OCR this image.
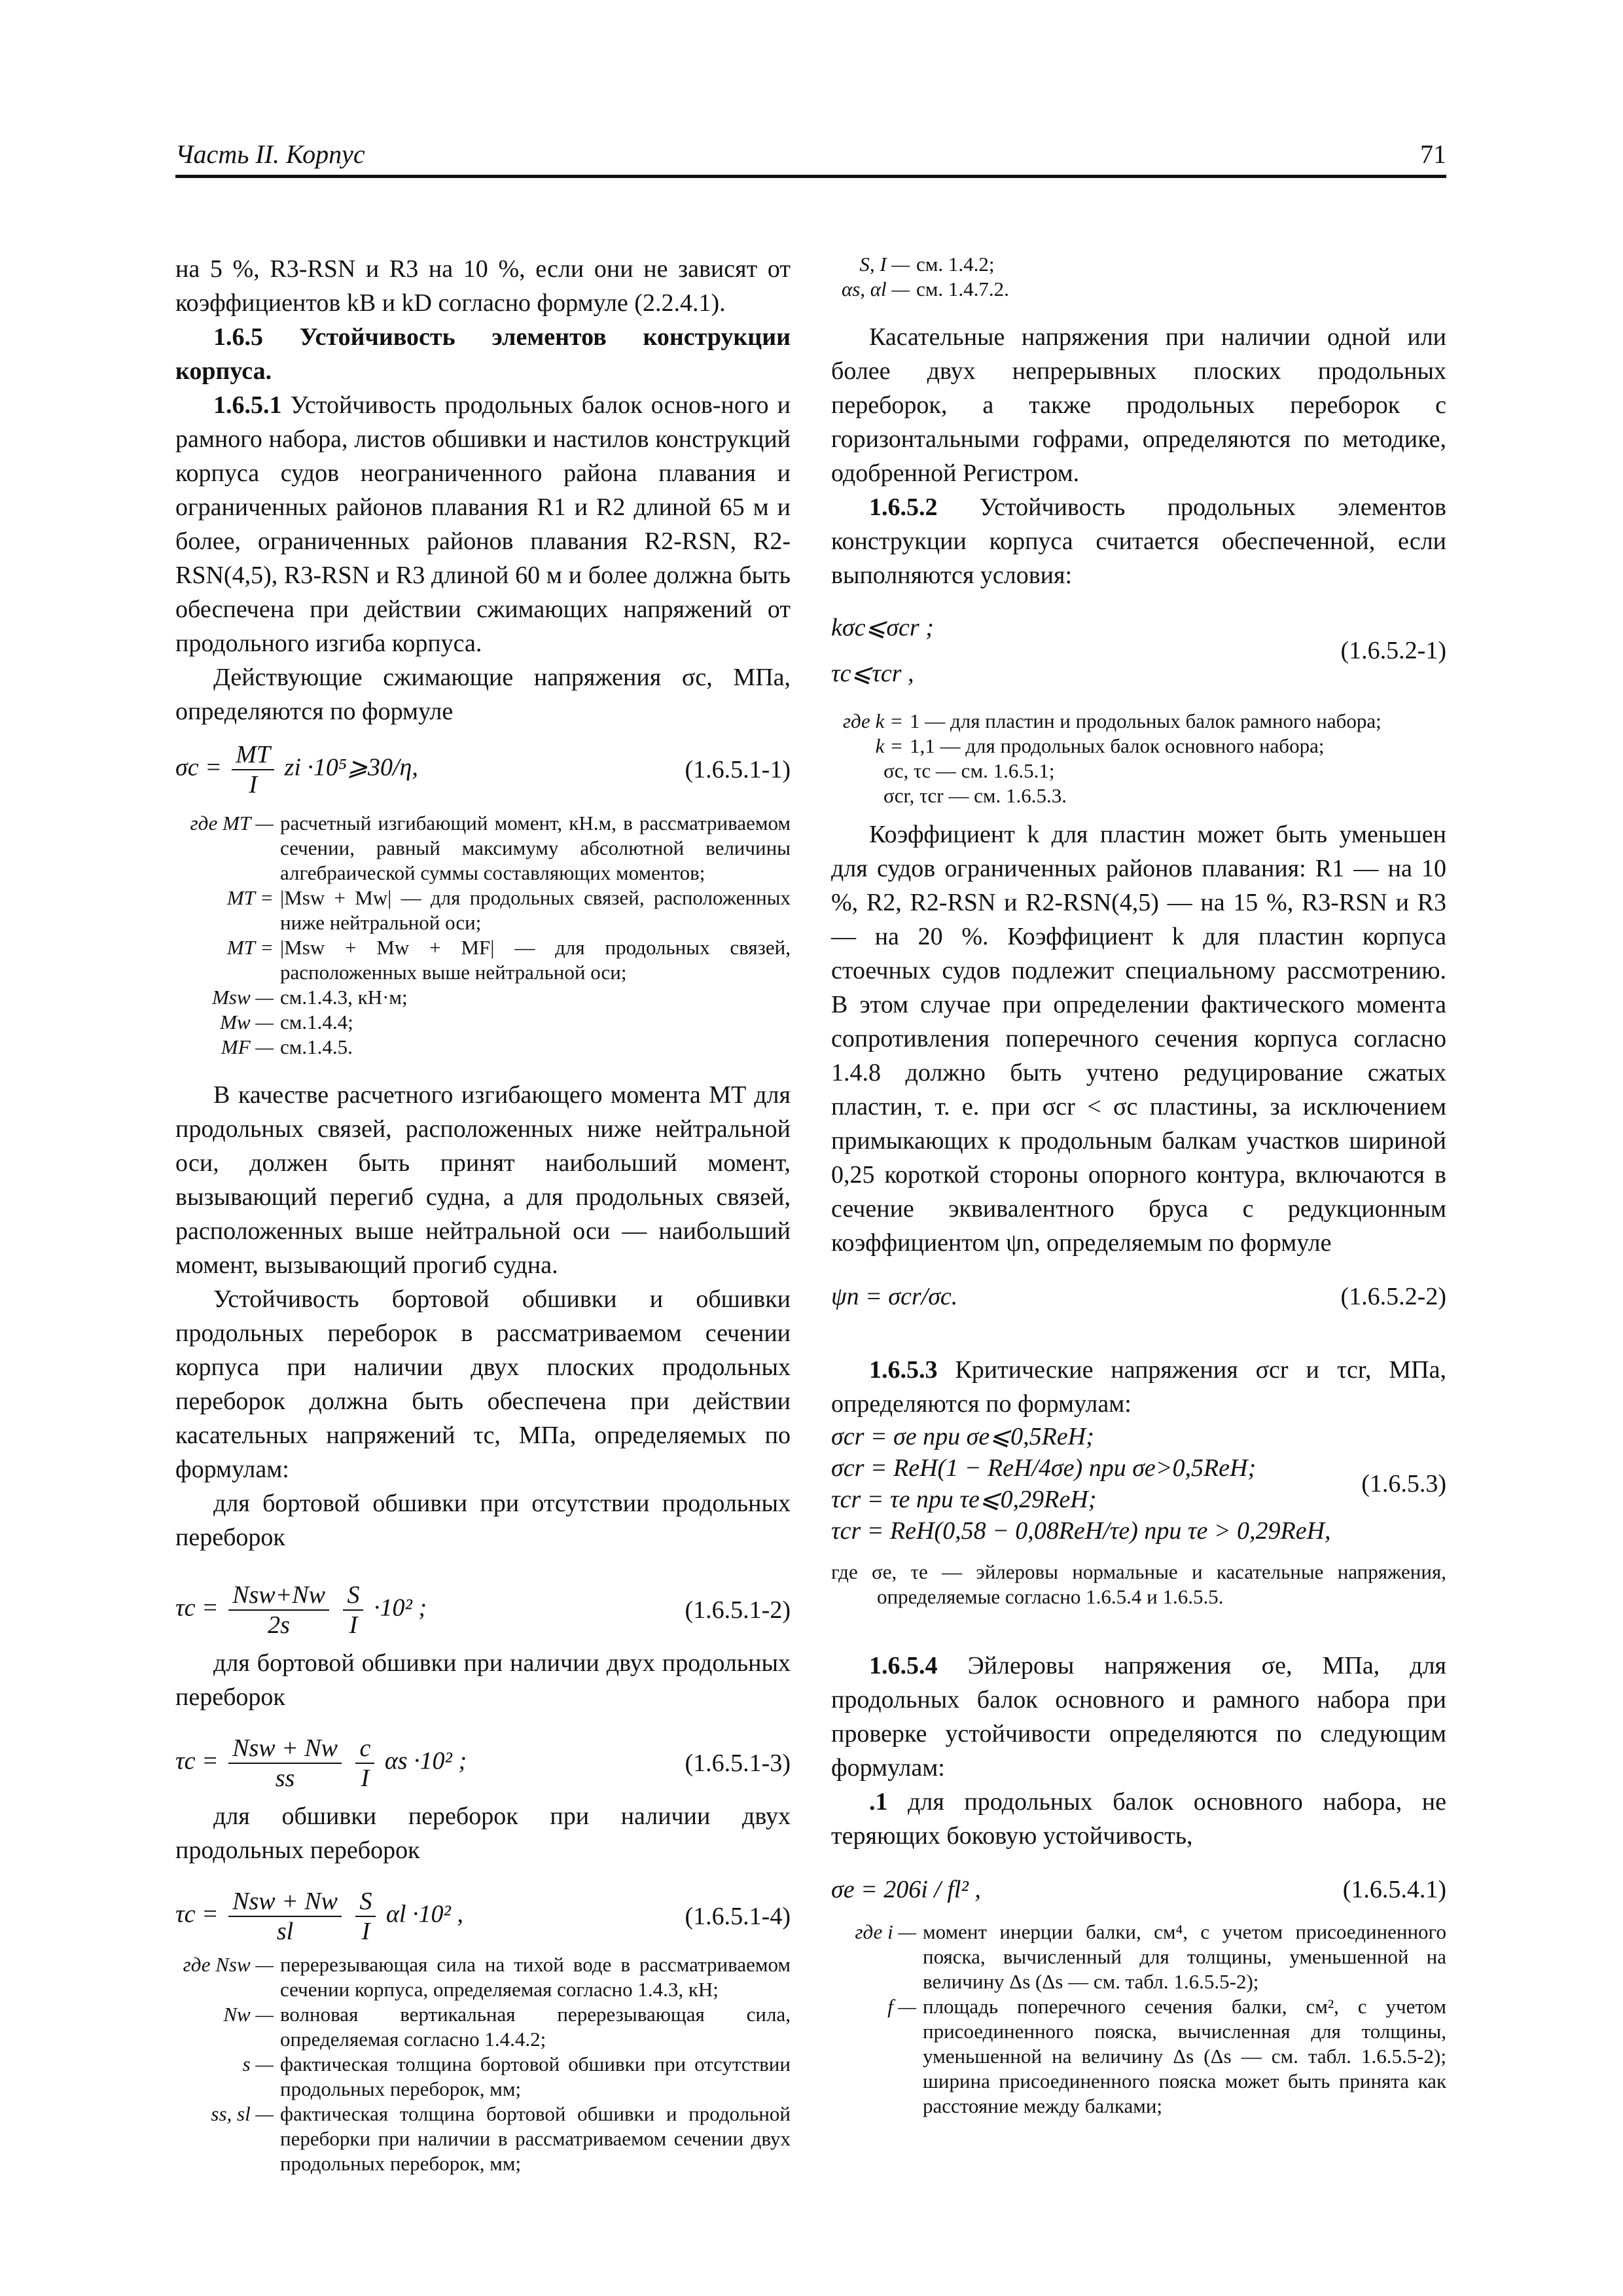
Часть II. Корпус	71

на 5 %, R3-RSN и R3 на 10 %, если они не зависят от коэффициентов kB и kD согласно формуле (2.2.4.1).

1.6.5 Устойчивость элементов конструкции корпуса.

1.6.5.1 Устойчивость продольных балок основ-ного и рамного набора, листов обшивки и настилов конструкций корпуса судов неограниченного района плавания и ограниченных районов плавания R1 и R2 длиной 65 м и более, ограниченных районов плавания R2-RSN, R2-RSN(4,5), R3-RSN и R3 длиной 60 м и более должна быть обеспечена при действии сжимающих напряжений от продольного изгиба корпуса.

Действующие сжимающие напряжения σc, МПа, определяются по формуле

$\sigma c = \frac{MT}{I}$ zi ·10⁵⩾30/η,	(1.6.5.1-1)
где MT — расчетный изгибающий момент, кН.м, в рассматриваемом сечении, равный максимуму абсолютной величины алгебраической суммы составляющих моментов;
MT = |Msw + Mw| — для продольных связей, расположенных ниже нейтральной оси;
MT = |Msw + Mw + MF| — для продольных связей, расположенных выше нейтральной оси;
Msw — см.1.4.3, кН·м;
Mw — см.1.4.4;
MF — см.1.4.5.

В качестве расчетного изгибающего момента MT для продольных связей, расположенных ниже нейтральной оси, должен быть принят наибольший момент, вызывающий перегиб судна, а для продольных связей, расположенных выше нейтральной оси — наибольший момент, вызывающий прогиб судна.

Устойчивость бортовой обшивки и обшивки продольных переборок в рассматриваемом сечении корпуса при наличии двух плоских продольных переборок должна быть обеспечена при действии касательных напряжений τc, МПа, определяемых по формулам:

для бортовой обшивки при отсутствии продольных переборок

$\tau c = \frac{\text{Nsw+Nw}}{2s}$
$\frac{S}{I} \cdot 10^2$ ;	(1.6.5.1-2)

для бортовой обшивки при наличии двух продольных переборок

$\tau c = \frac{\text{Nsw + Nw}}{ss}$
$\frac{c}{I}$ αs ·10² ;	(1.6.5.1-3)

для обшивки переборок при наличии двух продольных переборок

$\tau c = \frac{\text{Nsw + Nw}}{sl}$
$\frac{S}{I}$ αl ·10² ,	(1.6.5.1-4)
где Nsw — перерезывающая сила на тихой воде в рассматриваемом сечении корпуса, определяемая согласно 1.4.3, кН;
Nw — волновая вертикальная перерезывающая сила, определяемая согласно 1.4.4.2;
s — фактическая толщина бортовой обшивки при отсутствии продольных переборок, мм;
ss, sl — фактическая толщина бортовой обшивки и продольной переборки при наличии в рассматриваемом сечении двух продольных переборок, мм;
S, I — см. 1.4.2;
αs, αl — см. 1.4.7.2.

Касательные напряжения при наличии одной или более двух непрерывных плоских продольных переборок, а также продольных переборок с горизонтальными гофрами, определяются по методике, одобренной Регистром.

1.6.5.2 Устойчивость продольных элементов конструкции корпуса считается обеспеченной, если выполняются условия:

kσc⩽σcr ;
τc⩽τcr ,
(1.6.5.2-1)
где k = 1 — для пластин и продольных балок рамного набора;
k = 1,1 — для продольных балок основного набора;
σc, τc — см. 1.6.5.1;
σcr, τcr — см. 1.6.5.3.

Коэффициент k для пластин может быть уменьшен для судов ограниченных районов плавания: R1 — на 10 %, R2, R2-RSN и R2-RSN(4,5) — на 15 %, R3-RSN и R3 — на 20 %. Коэффициент k для пластин корпуса стоечных судов подлежит специальному рассмотрению. В этом случае при определении фактического момента сопротивления поперечного сечения корпуса согласно 1.4.8 должно быть учтено редуцирование сжатых пластин, т. е. при σcr < σc пластины, за исключением примыкающих к продольным балкам участков шириной 0,25 короткой стороны опорного контура, включаются в сечение эквивалентного бруса с редукционным коэффициентом ψn, определяемым по формуле

ψn = σcr/σc.	(1.6.5.2-2)

1.6.5.3 Критические напряжения σcr и τcr, МПа, определяются по формулам:

σcr = σe при σe⩽0,5ReH;

σcr = ReH(1 − ReH/4σe) при σe>0,5ReH;

τcr = τe при τe⩽0,29ReH;

τcr = ReH(0,58 − 0,08ReH/τe) при τe > 0,29ReH,

(1.6.5.3)

где σe, τe — эйлеровы нормальные и касательные напряжения, определяемые согласно 1.6.5.4 и 1.6.5.5.

1.6.5.4 Эйлеровы напряжения σe, МПа, для продольных балок основного и рамного набора при проверке устойчивости определяются по следующим формулам:

.1 для продольных балок основного набора, не теряющих боковую устойчивость,

σe = 206i / fl² ,	(1.6.5.4.1)
где i — момент инерции балки, см⁴, с учетом присоединенного пояска, вычисленный для толщины, уменьшенной на величину Δs (Δs — см. табл. 1.6.5.5-2);
f — площадь поперечного сечения балки, см², с учетом присоединенного пояска, вычисленная для толщины, уменьшенной на величину Δs (Δs — см. табл. 1.6.5.5-2); ширина присоединенного пояска может быть принята как расстояние между балками;
